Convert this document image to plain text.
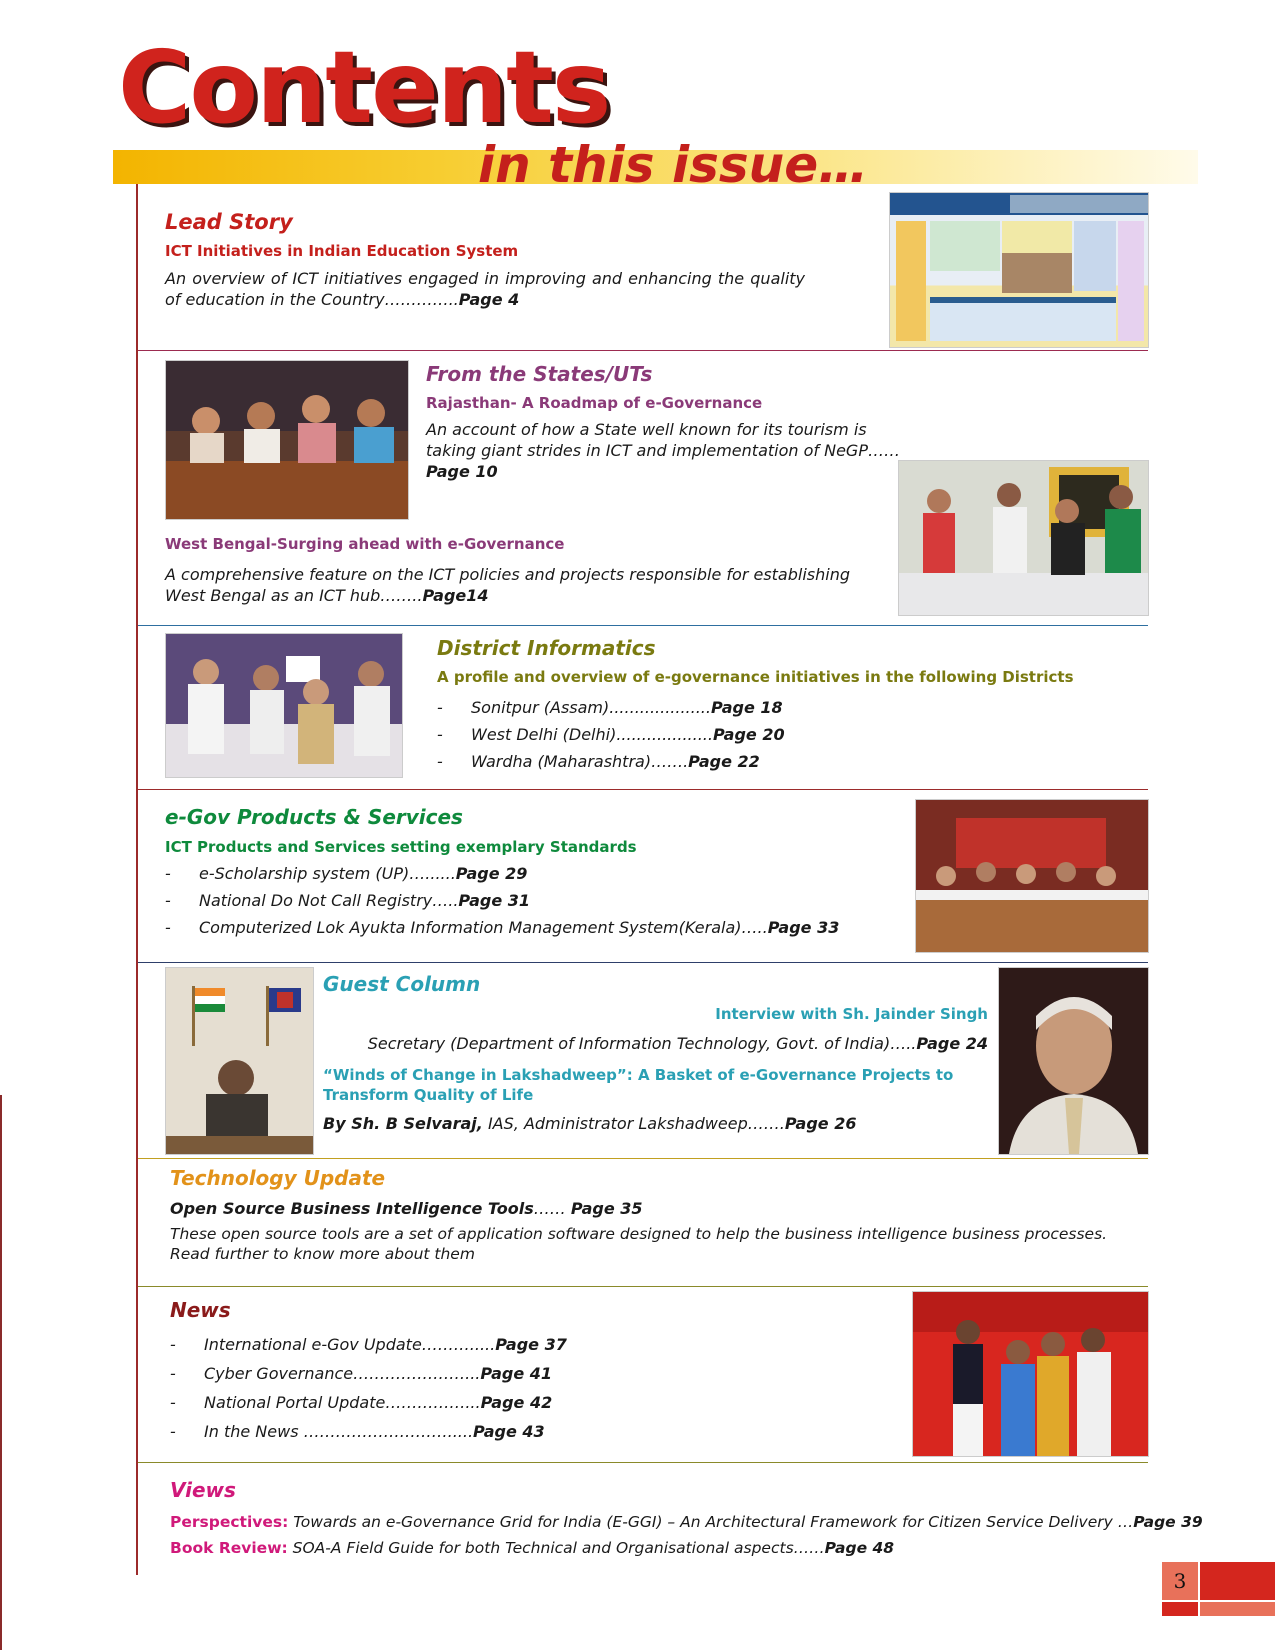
Contents
in this issue…
Lead Story
ICT Initiatives in Indian Education System
An overview of ICT initiatives engaged in improving and enhancing the quality of education in the Country…………..Page 4
From the States/UTs
Rajasthan- A Roadmap of e-Governance
An account of how a State well known for its tourism is taking giant strides in ICT and implementation of NeGP……Page 10
West Bengal-Surging ahead with e-Governance
A comprehensive feature on the ICT policies and projects responsible for establishing West Bengal as an ICT hub……..Page14
District Informatics
A profile and overview of e-governance initiatives in the following Districts
- Sonitpur (Assam)....................Page 18
- West Delhi (Delhi)...................Page 20
- Wardha (Maharashtra)…….Page 22
e-Gov Products & Services
ICT Products and Services setting exemplary Standards
- e-Scholarship system (UP)…......Page 29
- National Do Not Call Registry…..Page 31
- Computerized Lok Ayukta Information Management System(Kerala)…..Page 33
Guest Column
Interview with Sh. Jainder Singh
Secretary (Department of Information Technology, Govt. of India)…..Page 24
“Winds of Change in Lakshadweep”: A Basket of e-Governance Projects to Transform Quality of Life
By Sh. B Selvaraj, IAS, Administrator Lakshadweep…….Page 26
Technology Update
Open Source Business Intelligence Tools…… Page 35
These open source tools are a set of application software designed to help the business intelligence business processes. Read further to know more about them
News
- International e-Gov Update……….....Page 37
- Cyber Governance…………………...Page 41
- National Portal Update……………...Page 42
- In the News ……………………….....Page 43
Views
Perspectives: Towards an e-Governance Grid for India (E-GGI) – An Architectural Framework for Citizen Service Delivery …Page 39
Book Review: SOA-A Field Guide for both Technical and Organisational aspects……Page 48
3
